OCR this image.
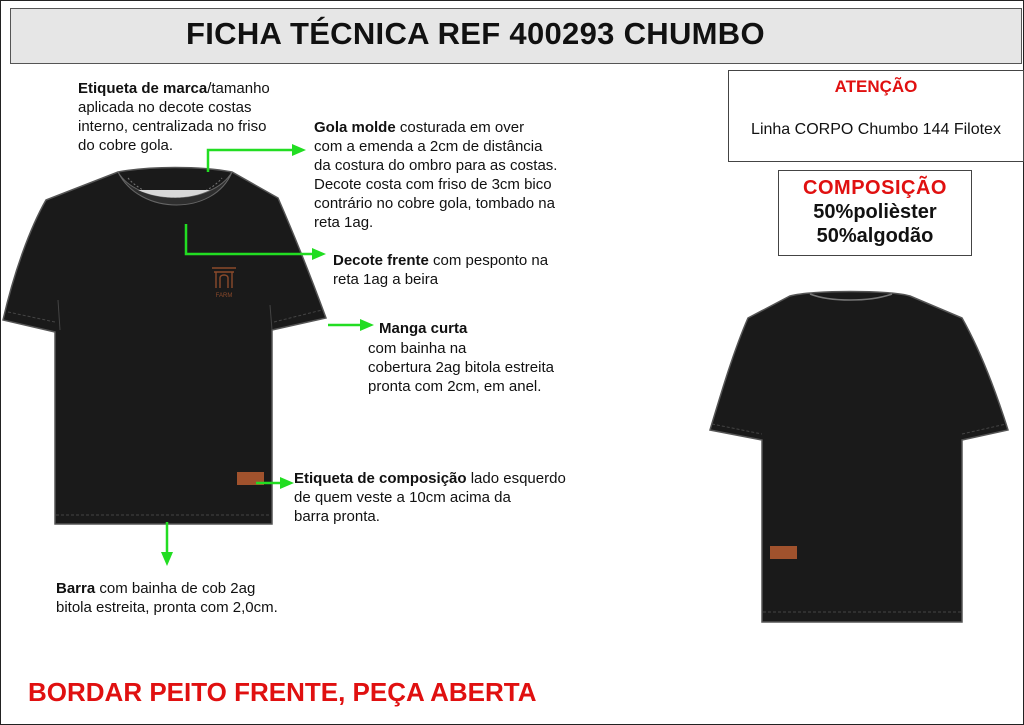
FICHA TÉCNICA REF 400293 CHUMBO
FARM
Etiqueta de marca/tamanho
aplicada no decote costas
interno, centralizada no friso
do cobre gola.
Gola molde costurada em over
com a emenda a 2cm de distância
da costura do ombro para as costas.
Decote costa com friso de 3cm bico
contrário no cobre gola, tombado na
reta 1ag.
Decote frente com pesponto na
reta 1ag a beira
Manga curta
com bainha na
cobertura 2ag bitola estreita
pronta com 2cm, em anel.
Etiqueta de composição lado esquerdo
de quem veste a 10cm acima da
barra pronta.
Barra com bainha de cob 2ag
bitola estreita, pronta com 2,0cm.
ATENÇÃO
Linha CORPO Chumbo 144 Filotex
COMPOSIÇÃO
50%polièster
50%algodão
BORDAR PEITO FRENTE, PEÇA ABERTA
